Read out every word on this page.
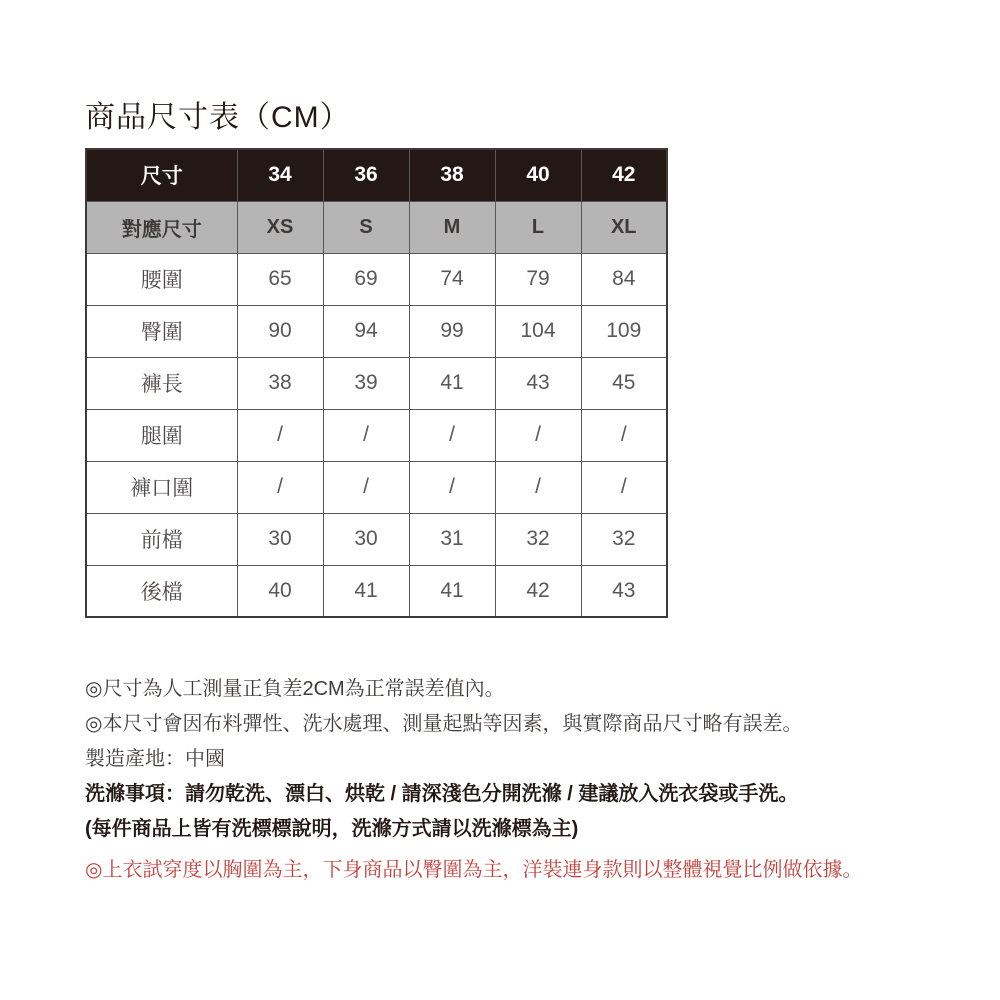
商品尺寸表（CM）
尺寸	34	36	38	40	42
對應尺寸	XS	S	M	L	XL
腰圍	65	69	74	79	84
臀圍	90	94	99	104	109
褲長	38	39	41	43	45
腿圍	/	/	/	/	/
褲口圍	/	/	/	/	/
前檔	30	30	31	32	32
後檔	40	41	41	42	43
◎尺寸為人工測量正負差2CM為正常誤差值內。
◎本尺寸會因布料彈性、洗水處理、測量起點等因素，與實際商品尺寸略有誤差。
製造產地：中國
洗滌事項：請勿乾洗、漂白、烘乾 / 請深淺色分開洗滌 / 建議放入洗衣袋或手洗。
(每件商品上皆有洗標標說明，洗滌方式請以洗滌標為主)
◎上衣試穿度以胸圍為主，下身商品以臀圍為主，洋裝連身款則以整體視覺比例做依據。
